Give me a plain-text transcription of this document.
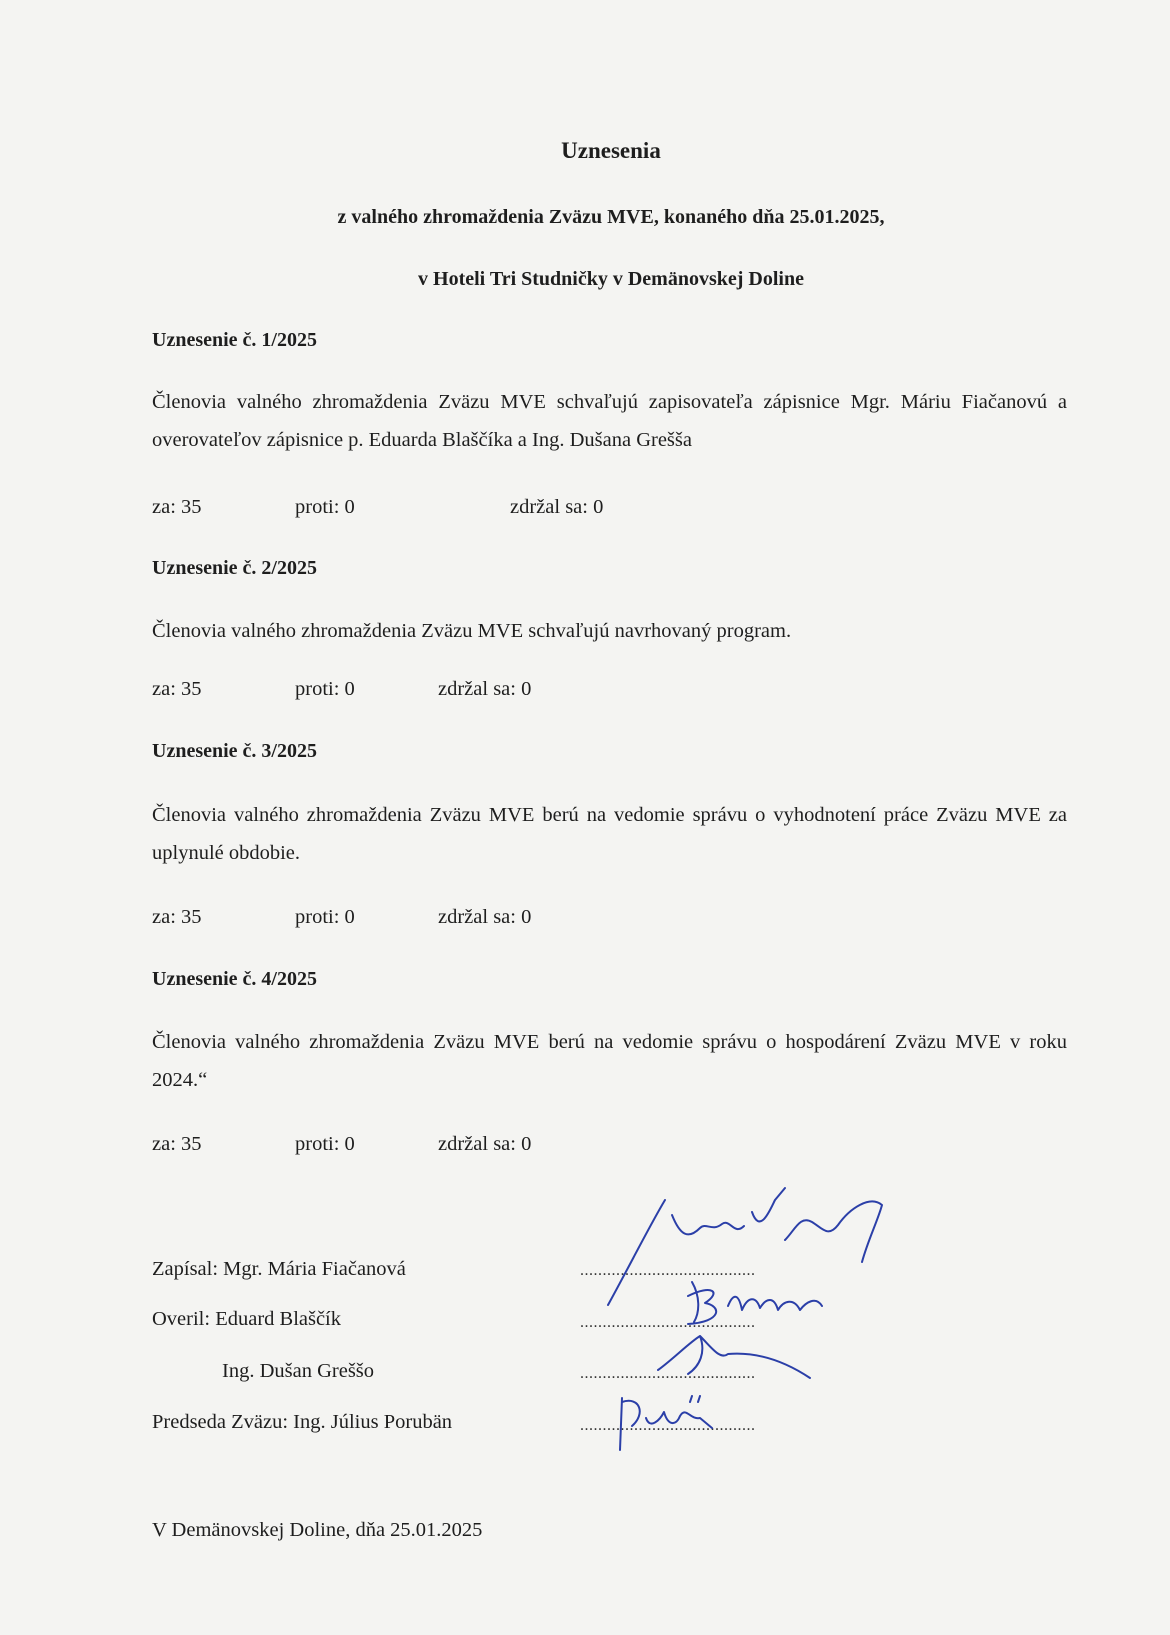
Uznesenia
z valného zhromaždenia Zväzu MVE, konaného dňa 25.01.2025,
v Hoteli Tri Studničky v Demänovskej Doline
Uznesenie č. 1/2025
Členovia valného zhromaždenia Zväzu MVE schvaľujú zapisovateľa zápisnice Mgr. Máriu Fiačanovú a overovateľov zápisnice p. Eduarda Blaščíka a Ing. Dušana Greššа
za: 35	proti: 0	zdržal sa: 0
Uznesenie č. 2/2025
Členovia valného zhromaždenia Zväzu MVE schvaľujú navrhovaný program.
za: 35	proti: 0	zdržal sa: 0
Uznesenie č. 3/2025
Členovia valného zhromaždenia Zväzu MVE berú na vedomie správu o vyhodnotení práce Zväzu MVE za uplynulé obdobie.
za: 35	proti: 0	zdržal sa: 0
Uznesenie č. 4/2025
Členovia valného zhromaždenia Zväzu MVE berú na vedomie správu o hospodárení Zväzu MVE v roku 2024.“
za: 35	proti: 0	zdržal sa: 0
Zapísal: Mgr. Mária Fiačanová	.......................................
Overil: Eduard Blaščík	.......................................
Ing. Dušan Greššo	.......................................
Predseda Zväzu: Ing. Július Porubän	.......................................
V Demänovskej Doline, dňa 25.01.2025
